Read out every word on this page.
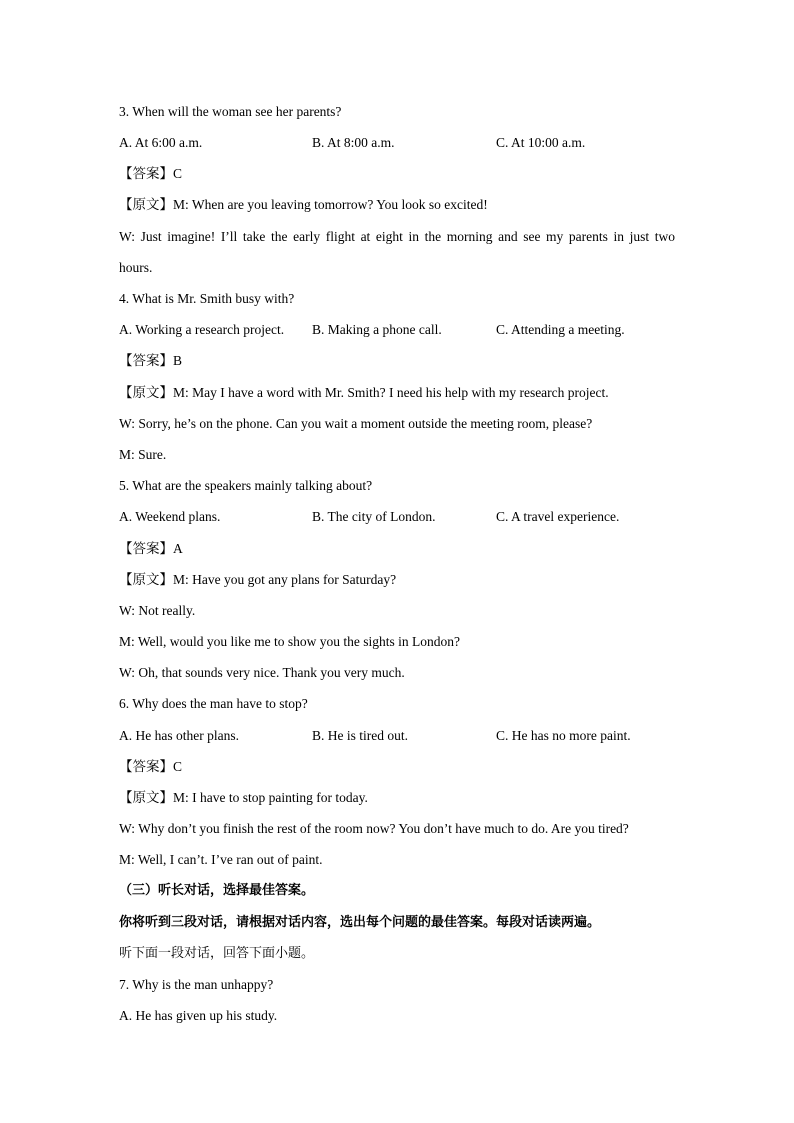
3. When will the woman see her parents?
A. At 6:00 a.m.	B. At 8:00 a.m.	C. At 10:00 a.m.
【答案】C
【原文】M: When are you leaving tomorrow? You look so excited!
W: Just imagine! I’ll take the early flight at eight in the morning and see my parents in just two
hours.
4. What is Mr. Smith busy with?
A. Working a research project. B. Making a phone call.	C. Attending a meeting.
【答案】B
【原文】M: May I have a word with Mr. Smith? I need his help with my research project.
W: Sorry, he’s on the phone. Can you wait a moment outside the meeting room, please?
M: Sure.
5. What are the speakers mainly talking about?
A. Weekend plans.	B. The city of London.	C. A travel experience.
【答案】A
【原文】M: Have you got any plans for Saturday?
W: Not really.
M: Well, would you like me to show you the sights in London?
W: Oh, that sounds very nice. Thank you very much.
6. Why does the man have to stop?
A. He has other plans.	B. He is tired out.	C. He has no more paint.
【答案】C
【原文】M: I have to stop painting for today.
W: Why don’t you finish the rest of the room now? You don’t have much to do. Are you tired?
M: Well, I can’t. I’ve ran out of paint.
（三）听长对话，选择最佳答案。
你将听到三段对话，请根据对话内容，选出每个问题的最佳答案。每段对话读两遍。
听下面一段对话，回答下面小题。
7. Why is the man unhappy?
A. He has given up his study.
